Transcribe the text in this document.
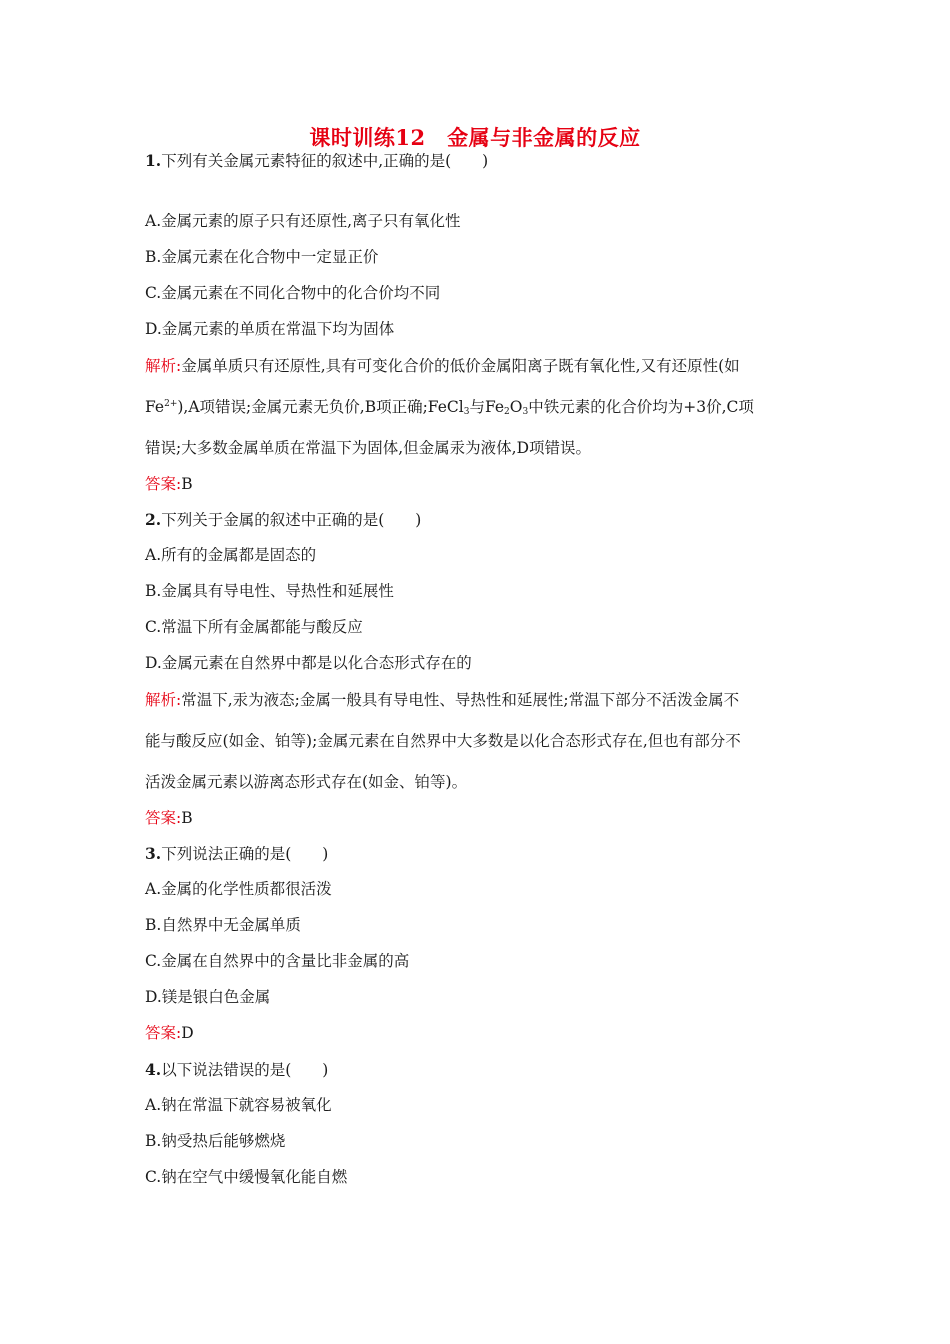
课时训练12　金属与非金属的反应
1.下列有关金属元素特征的叙述中,正确的是(　　)
A.金属元素的原子只有还原性,离子只有氧化性
B.金属元素在化合物中一定显正价
C.金属元素在不同化合物中的化合价均不同
D.金属元素的单质在常温下均为固体
解析:金属单质只有还原性,具有可变化合价的低价金属阳离子既有氧化性,又有还原性(如
$Fe^{2+}),A$项错误;金属元素无负价,B项正确;FeCl$_3$与$Fe_2O_3$中铁元素的化合价均为+3价,C项
错误;大多数金属单质在常温下为固体,但金属汞为液体,D项错误。
答案:B
2.下列关于金属的叙述中正确的是(　　)
A.所有的金属都是固态的
B.金属具有导电性、导热性和延展性
C.常温下所有金属都能与酸反应
D.金属元素在自然界中都是以化合态形式存在的
解析:常温下,汞为液态;金属一般具有导电性、导热性和延展性;常温下部分不活泼金属不
能与酸反应(如金、铂等);金属元素在自然界中大多数是以化合态形式存在,但也有部分不
活泼金属元素以游离态形式存在(如金、铂等)。
答案:B
3.下列说法正确的是(　　)
A.金属的化学性质都很活泼
B.自然界中无金属单质
C.金属在自然界中的含量比非金属的高
D.镁是银白色金属
答案:D
4.以下说法错误的是(　　)
A.钠在常温下就容易被氧化
B.钠受热后能够燃烧
C.钠在空气中缓慢氧化能自燃
